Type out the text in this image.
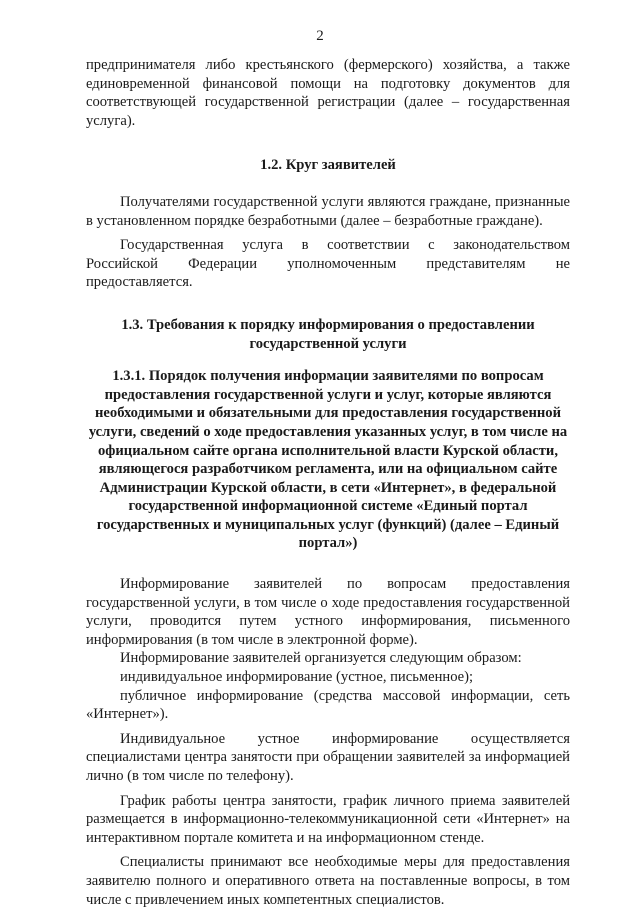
2

предпринимателя либо крестьянского (фермерского) хозяйства, а также единовременной финансовой помощи на подготовку документов для соответствующей государственной регистрации (далее – государственная услуга).

1.2. Круг заявителей

Получателями государственной услуги являются граждане, признанные в установленном порядке безработными (далее – безработные граждане).

Государственная услуга в соответствии с законодательством Российской Федерации уполномоченным представителям не предоставляется.

1.3. Требования к порядку информирования о предоставлении государственной услуги
1.3.1. Порядок получения информации заявителями по вопросам предоставления государственной услуги и услуг, которые являются необходимыми и обязательными для предоставления государственной услуги, сведений о ходе предоставления указанных услуг, в том числе на официальном сайте органа исполнительной власти Курской области, являющегося разработчиком регламента, или на официальном сайте Администрации Курской области, в сети «Интернет», в федеральной государственной информационной системе «Единый портал государственных и муниципальных услуг (функций) (далее – Единый портал»)

Информирование заявителей по вопросам предоставления государственной услуги, в том числе о ходе предоставления государственной услуги, проводится путем устного информирования, письменного информирования (в том числе в электронной форме).

Информирование заявителей организуется следующим образом:

индивидуальное информирование (устное, письменное);

публичное информирование (средства массовой информации, сеть «Интернет»).

Индивидуальное устное информирование осуществляется специалистами центра занятости при обращении заявителей за информацией лично (в том числе по телефону).

График работы центра занятости, график личного приема заявителей размещается в информационно-телекоммуникационной сети «Интернет» на интерактивном портале комитета и на информационном стенде.

Специалисты принимают все необходимые меры для предоставления заявителю полного и оперативного ответа на поставленные вопросы, в том числе с привлечением иных компетентных специалистов.
